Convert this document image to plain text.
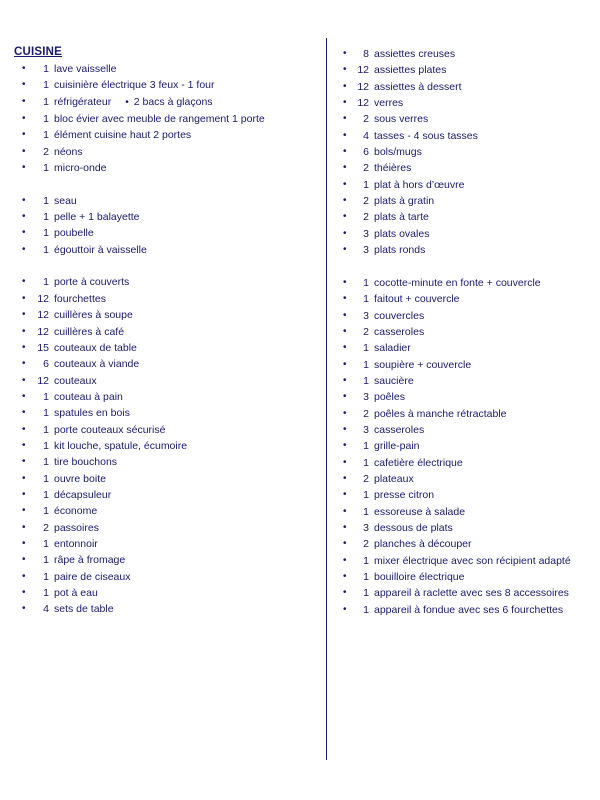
CUISINE
• 1 lave vaisselle
• 1 cuisinière électrique 3 feux - 1 four
• 1 réfrigérateur • 2 bacs à glaçons
• 1 bloc évier avec meuble de rangement 1 porte
• 1 élément cuisine haut 2 portes
• 2 néons
• 1 micro-onde
• 1 seau
• 1 pelle + 1 balayette
• 1 poubelle
• 1 égouttoir à vaisselle
• 1 porte à couverts
• 12 fourchettes
• 12 cuillères à soupe
• 12 cuillères à café
• 15 couteaux de table
• 6 couteaux à viande
• 12 couteaux
• 1 couteau à pain
• 1 spatules en bois
• 1 porte couteaux sécurisé
• 1 kit louche, spatule, écumoire
• 1 tire bouchons
• 1 ouvre boite
• 1 décapsuleur
• 1 économe
• 2 passoires
• 1 entonnoir
• 1 râpe à fromage
• 1 paire de ciseaux
• 1 pot à eau
• 4 sets de table
• 8 assiettes creuses
• 12 assiettes plates
• 12 assiettes à dessert
• 12 verres
• 2 sous verres
• 4 tasses - 4 sous tasses
• 6 bols/mugs
• 2 théières
• 1 plat à hors d’œuvre
• 2 plats à gratin
• 2 plats à tarte
• 3 plats ovales
• 3 plats ronds
• 1 cocotte-minute en fonte + couvercle
• 1 faitout + couvercle
• 3 couvercles
• 2 casseroles
• 1 saladier
• 1 soupière + couvercle
• 1 saucière
• 3 poêles
• 2 poêles à manche rétractable
• 3 casseroles
• 1 grille-pain
• 1 cafetière électrique
• 2 plateaux
• 1 presse citron
• 1 essoreuse à salade
• 3 dessous de plats
• 2 planches à découper
• 1 mixer électrique avec son récipient adapté
• 1 bouilloire électrique
• 1 appareil à raclette avec ses 8 accessoires
• 1 appareil à fondue avec ses 6 fourchettes
